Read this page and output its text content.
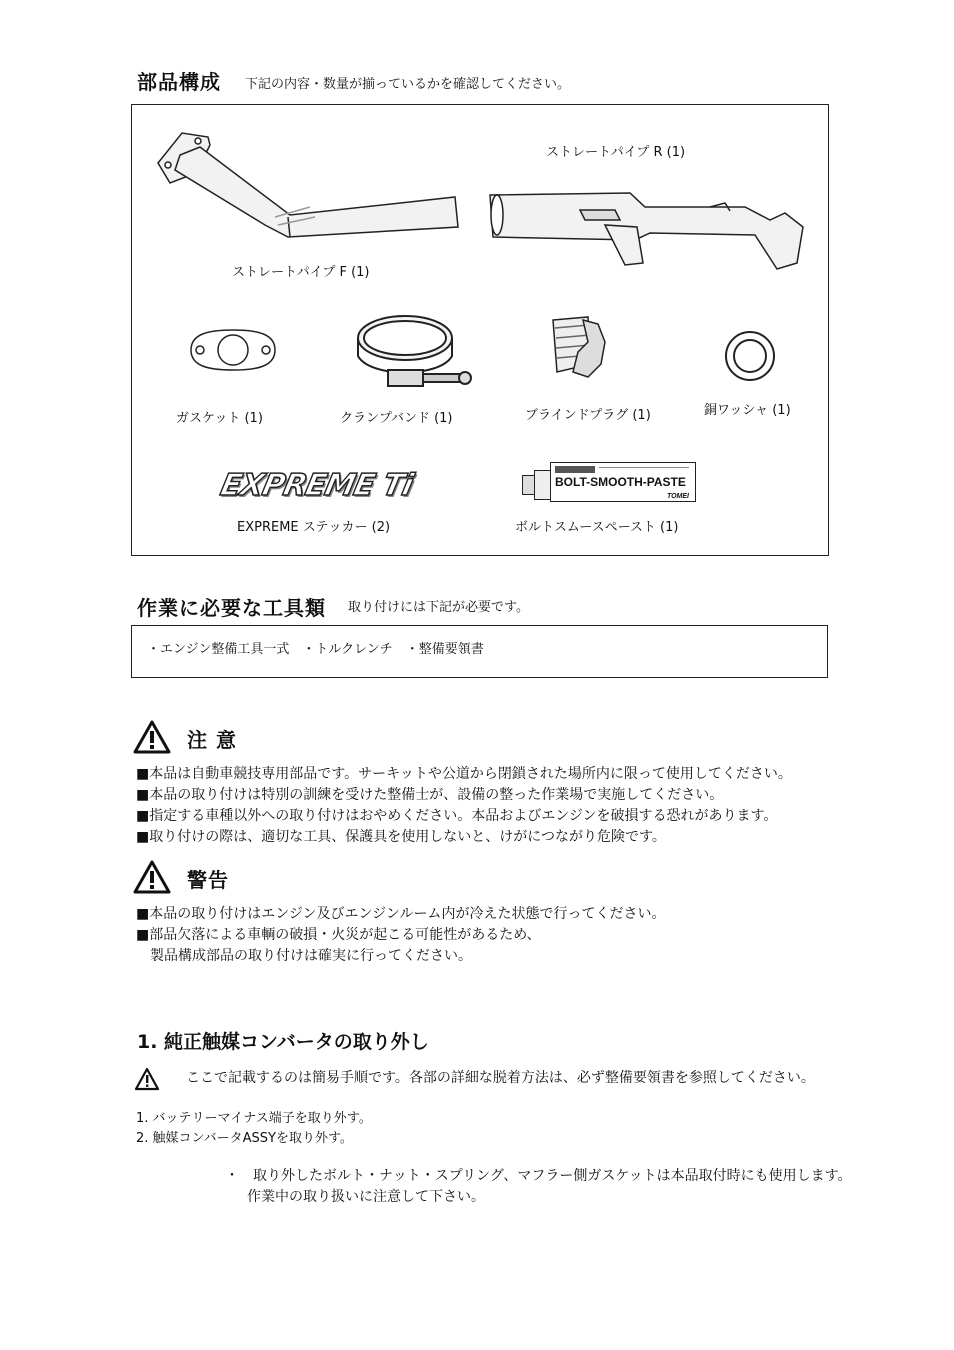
部品構成 下記の内容・数量が揃っているかを確認してください。
ストレートパイプ F (1)
ストレートパイプ R (1)
ガスケット (1)	クランプバンド (1)	ブラインドプラグ (1)	銅ワッシャ (1)
EXPREME Ti
EXPREME ステッカー (2)
BOLT-SMOOTH-PASTE
TOMEI
ボルトスムースペースト (1)
作業に必要な工具類 取り付けには下記が必要です。
・エンジン整備工具一式　・トルクレンチ　・整備要領書
注 意
■本品は自動車競技専用部品です。サーキットや公道から閉鎖された場所内に限って使用してください。
■本品の取り付けは特別の訓練を受けた整備士が、設備の整った作業場で実施してください。
■指定する車種以外への取り付けはおやめください。本品およびエンジンを破損する恐れがあります。
■取り付けの際は、適切な工具、保護具を使用しないと、けがにつながり危険です。
警告
■本品の取り付けはエンジン及びエンジンルーム内が冷えた状態で行ってください。
■部品欠落による車輌の破損・火災が起こる可能性があるため、
　製品構成部品の取り付けは確実に行ってください。
1. 純正触媒コンバータの取り外し
ここで記載するのは簡易手順です。各部の詳細な脱着方法は、必ず整備要領書を参照してください。
1. バッテリーマイナス端子を取り外す。
2. 触媒コンバータASSYを取り外す。
・　取り外したボルト・ナット・スプリング、マフラー側ガスケットは本品取付時にも使用します。
作業中の取り扱いに注意して下さい。
